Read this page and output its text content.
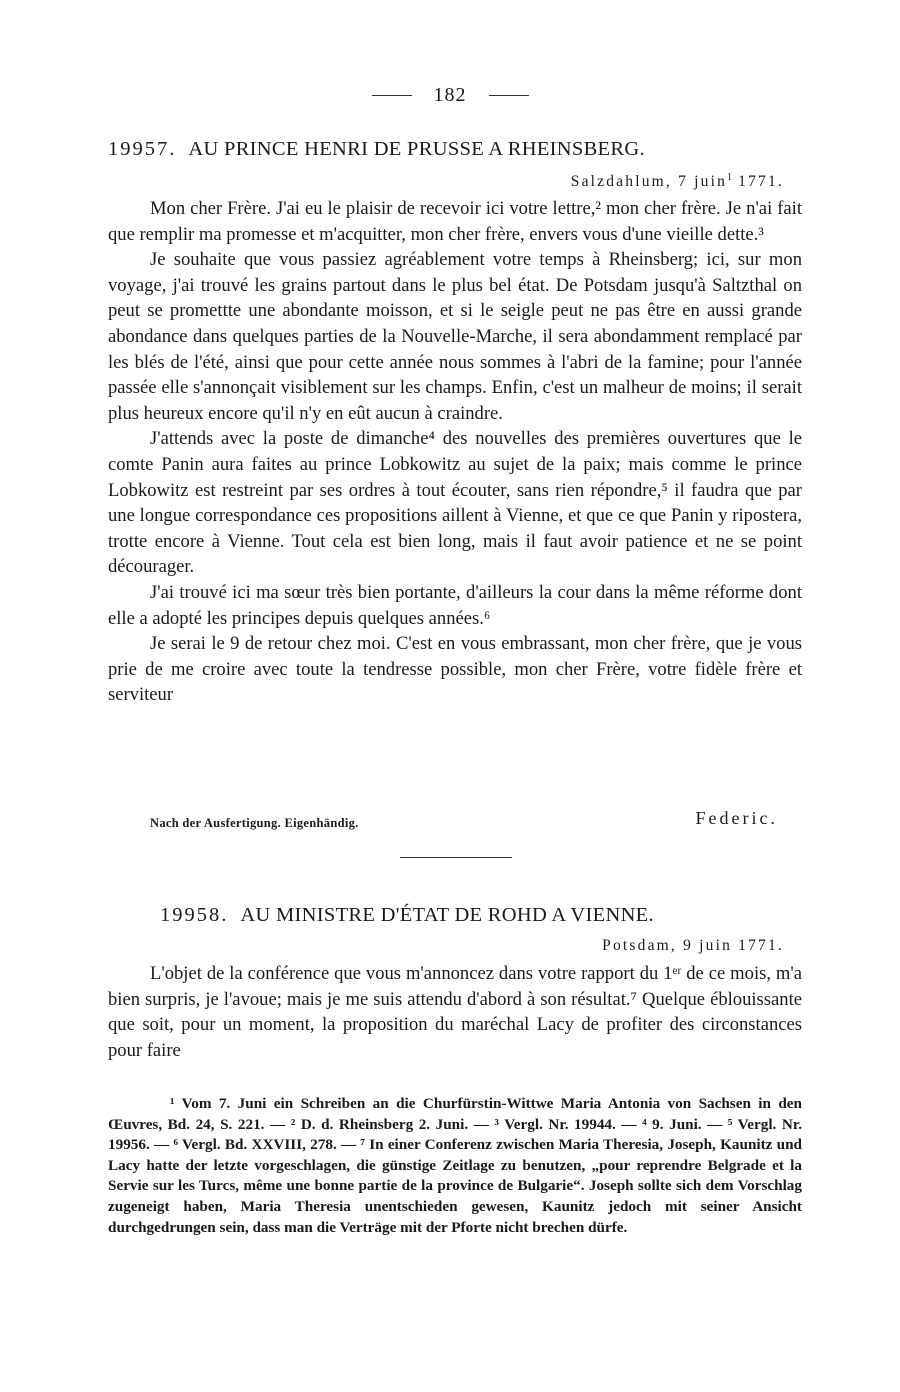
182
19957. AU PRINCE HENRI DE PRUSSE A RHEINSBERG.
Salzdahlum, 7 juin$^1$ 1771.

Mon cher Frère. J'ai eu le plaisir de recevoir ici votre lettre,² mon cher frère. Je n'ai fait que remplir ma promesse et m'acquitter, mon cher frère, envers vous d'une vieille dette.³

Je souhaite que vous passiez agréablement votre temps à Rheinsberg; ici, sur mon voyage, j'ai trouvé les grains partout dans le plus bel état. De Potsdam jusqu'à Saltzthal on peut se promettte une abondante moisson, et si le seigle peut ne pas être en aussi grande abondance dans quelques parties de la Nouvelle-Marche, il sera abondamment remplacé par les blés de l'été, ainsi que pour cette année nous sommes à l'abri de la famine; pour l'année passée elle s'annonçait visiblement sur les champs. Enfin, c'est un malheur de moins; il serait plus heureux encore qu'il n'y en eût aucun à craindre.

J'attends avec la poste de dimanche⁴ des nouvelles des premières ouvertures que le comte Panin aura faites au prince Lobkowitz au sujet de la paix; mais comme le prince Lobkowitz est restreint par ses ordres à tout écouter, sans rien répondre,⁵ il faudra que par une longue correspondance ces propositions aillent à Vienne, et que ce que Panin y ripostera, trotte encore à Vienne. Tout cela est bien long, mais il faut avoir patience et ne se point décourager.

J'ai trouvé ici ma sœur très bien portante, d'ailleurs la cour dans la même réforme dont elle a adopté les principes depuis quelques années.⁶

Je serai le 9 de retour chez moi. C'est en vous embrassant, mon cher frère, que je vous prie de me croire avec toute la tendresse possible, mon cher Frère, votre fidèle frère et serviteur

Nach der Ausfertigung. Eigenhändig.	Federic.
19958. AU MINISTRE D'ÉTAT DE ROHD A VIENNE.
Potsdam, 9 juin 1771.

L'objet de la conférence que vous m'annoncez dans votre rapport du 1ᵉʳ de ce mois, m'a bien surpris, je l'avoue; mais je me suis attendu d'abord à son résultat.⁷ Quelque éblouissante que soit, pour un moment, la proposition du maréchal Lacy de profiter des circonstances pour faire

¹ Vom 7. Juni ein Schreiben an die Churfürstin-Wittwe Maria Antonia von Sachsen in den Œuvres, Bd. 24, S. 221. — ² D. d. Rheinsberg 2. Juni. — ³ Vergl. Nr. 19944. — ⁴ 9. Juni. — ⁵ Vergl. Nr. 19956. — ⁶ Vergl. Bd. XXVIII, 278. — ⁷ In einer Conferenz zwischen Maria Theresia, Joseph, Kaunitz und Lacy hatte der letzte vorgeschlagen, die günstige Zeitlage zu benutzen, „pour reprendre Belgrade et la Servie sur les Turcs, même une bonne partie de la province de Bulgarie“. Joseph sollte sich dem Vorschlag zugeneigt haben, Maria Theresia unentschieden gewesen, Kaunitz jedoch mit seiner Ansicht durchgedrungen sein, dass man die Verträge mit der Pforte nicht brechen dürfe.
